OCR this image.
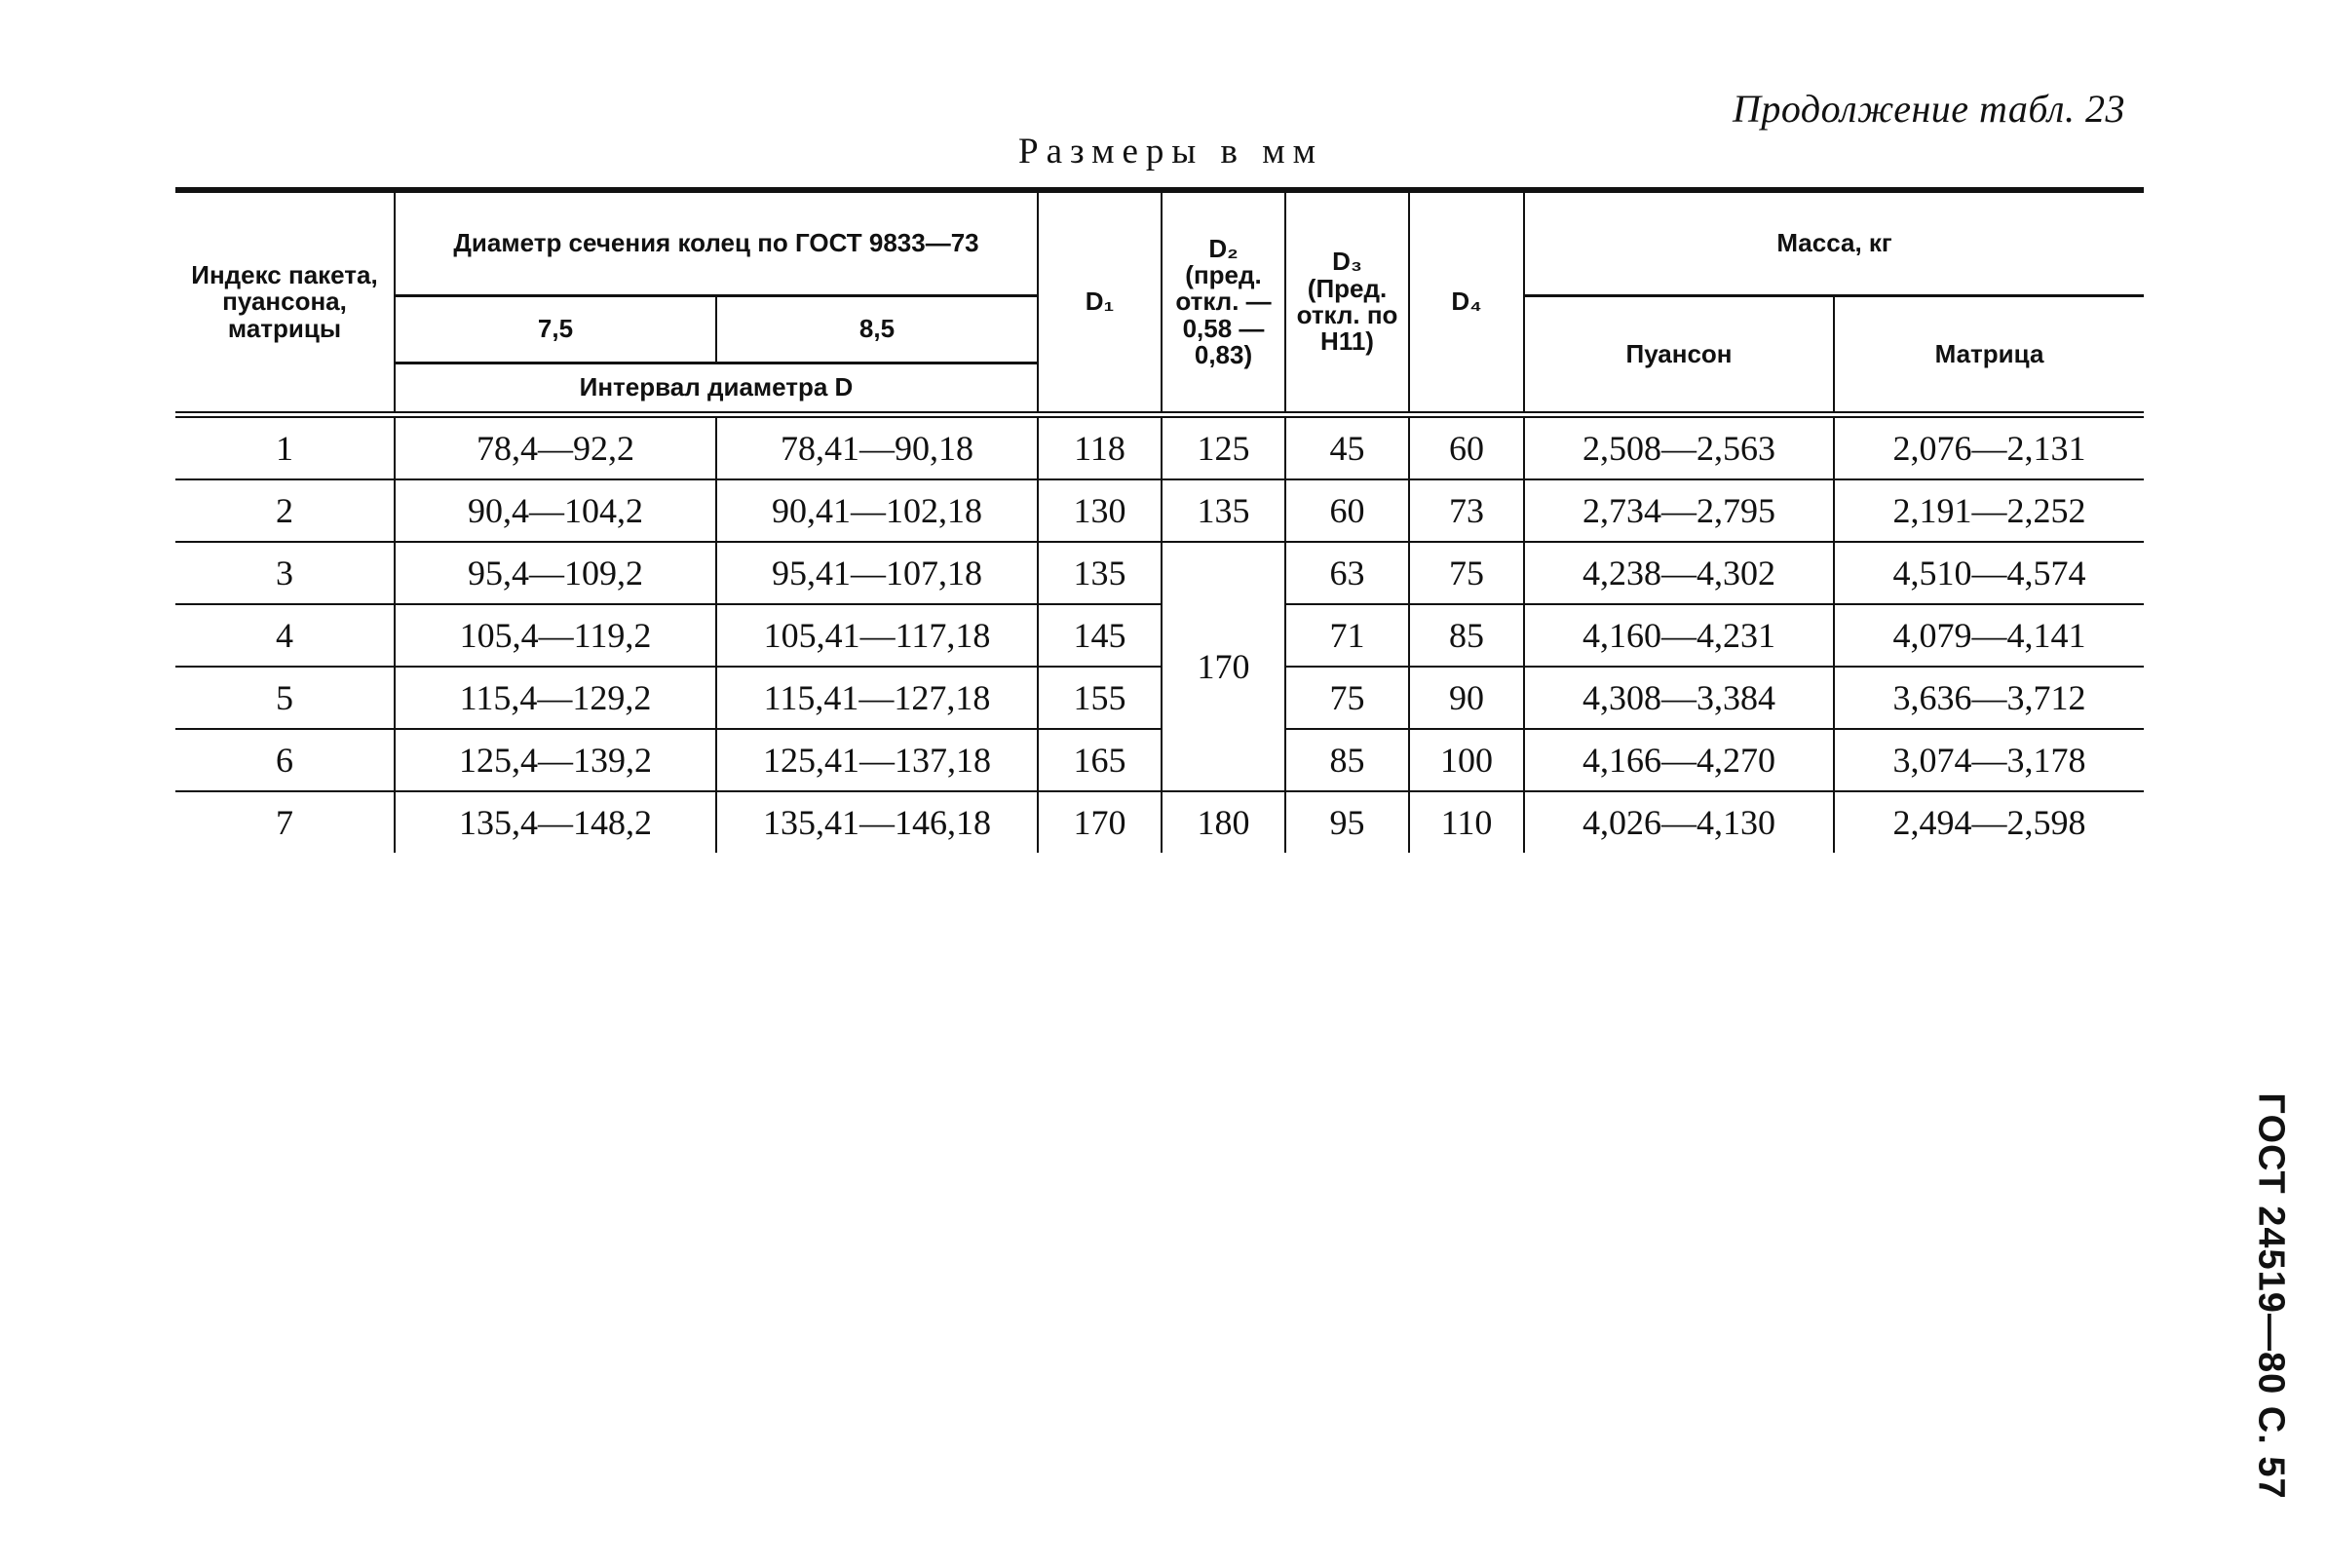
Продолжение табл. 23
Размеры в мм
Индекс пакета, пуансона, матрицы	Диаметр сечения колец по ГОСТ 9833—73		D₁	D₂ (пред. откл. —0,58 —0,83)	D₃ (Пред. откл. по H11)	D₄	Масса, кг	
	7,5	8,5					Пуансон	Матрица
	Интервал диаметра D							
1	78,4—92,2	78,41—90,18	118	125	45	60	2,508—2,563	2,076—2,131
2	90,4—104,2	90,41—102,18	130	135	60	73	2,734—2,795	2,191—2,252
3	95,4—109,2	95,41—107,18	135	170	63	75	4,238—4,302	4,510—4,574
4	105,4—119,2	105,41—117,18	145		71	85	4,160—4,231	4,079—4,141
5	115,4—129,2	115,41—127,18	155		75	90	4,308—3,384	3,636—3,712
6	125,4—139,2	125,41—137,18	165		85	100	4,166—4,270	3,074—3,178
7	135,4—148,2	135,41—146,18	170	180	95	110	4,026—4,130	2,494—2,598
ГОСТ 24519—80 С. 57
